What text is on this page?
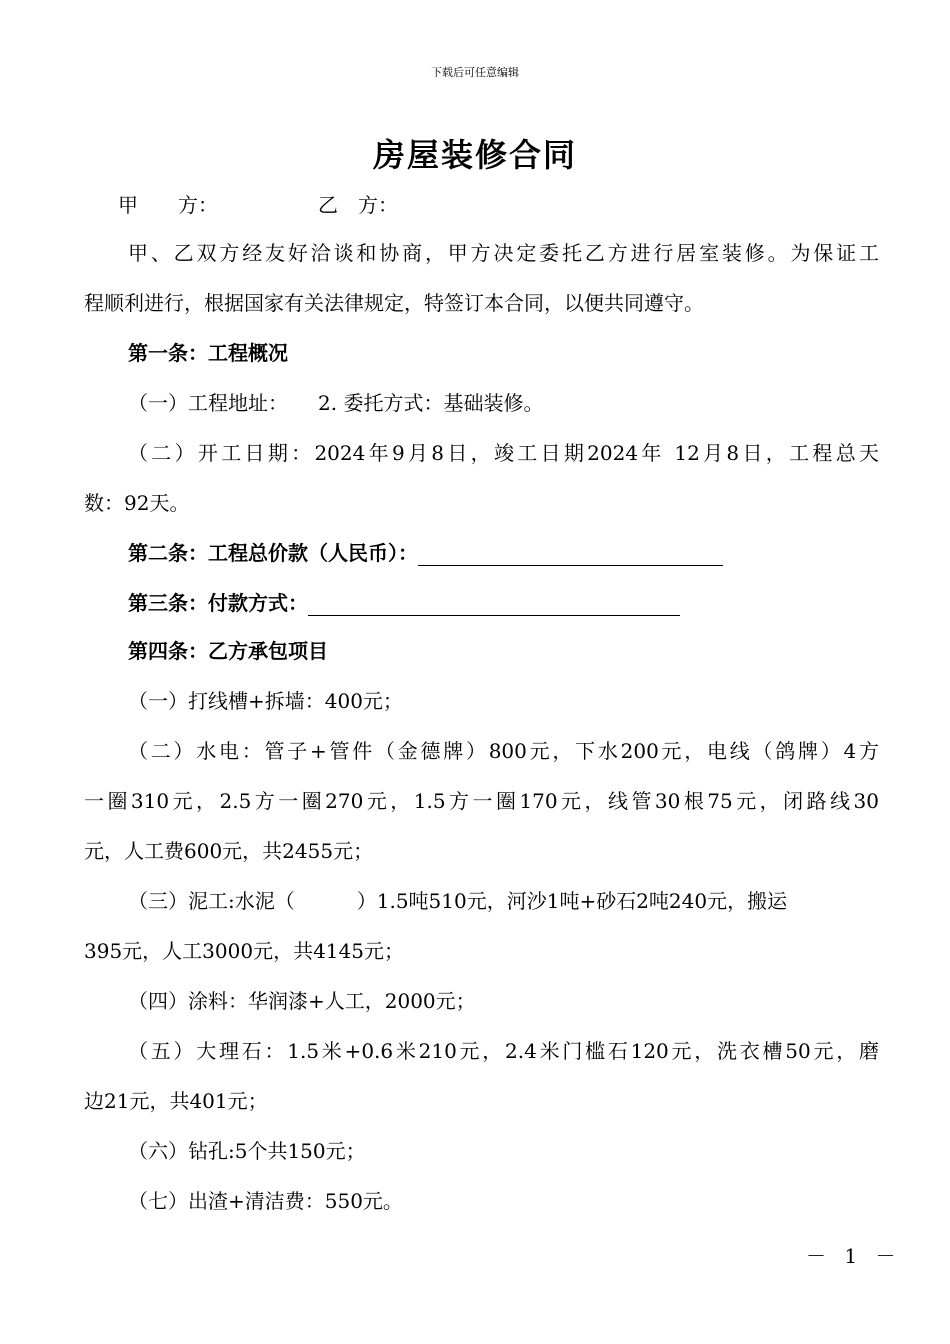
下载后可任意编辑
房屋装修合同
甲　　方：	乙　方：
甲、乙双方经友好洽谈和协商，甲方决定委托乙方进行居室装修。为保证工
程顺利进行，根据国家有关法律规定，特签订本合同，以便共同遵守。
第一条：工程概况
（一）工程地址： 2. 委托方式：基础装修。
（二）开工日期：2024年9月8日，竣工日期2024年 12月8日，工程总天
数：92天。
第二条：工程总价款（人民币）：
第三条：付款方式：
第四条：乙方承包项目
（一）打线槽+拆墙：400元；
（二）水电：管子+管件（金德牌）800元，下水200元，电线（鸽牌）4方
一圈310元，2.5方一圈270元，1.5方一圈170元，线管30根75元，闭路线30
元，人工费600元，共2455元；
（三）泥工:水泥（	）1.5吨510元，河沙1吨+砂石2吨240元，搬运
395元，人工3000元，共4145元；
（四）涂料：华润漆+人工，2000元；
（五）大理石：1.5米+0.6米210元，2.4米门槛石120元，洗衣槽50元，磨
边21元，共401元；
（六）钻孔:5个共150元；
（七）出渣+清洁费：550元。
－ 1 －
